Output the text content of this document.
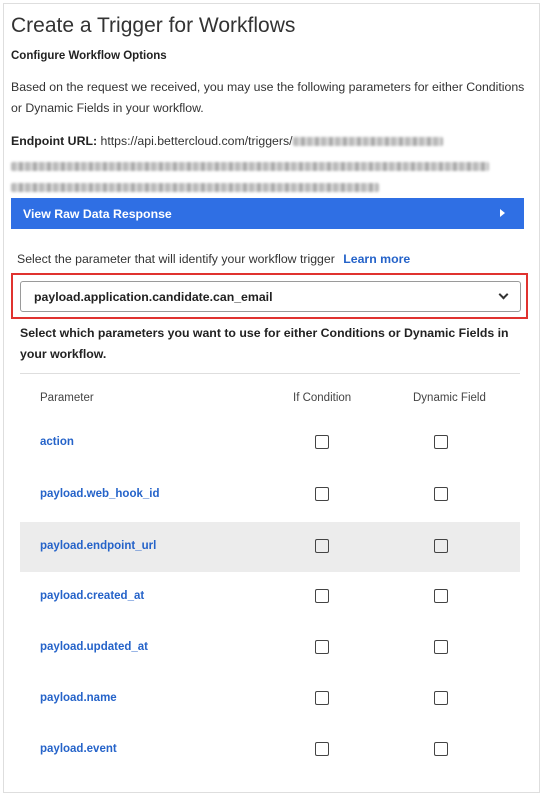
Create a Trigger for Workflows
Configure Workflow Options
Based on the request we received, you may use the following parameters for either Conditions or Dynamic Fields in your workflow.
Endpoint URL: https://api.bettercloud.com/triggers/
View Raw Data Response
Select the parameter that will identify your workflow trigger Learn more
payload.application.candidate.can_email
Select which parameters you want to use for either Conditions or Dynamic Fields in your workflow.
Parameter	If Condition	Dynamic Field
action
payload.web_hook_id
payload.endpoint_url
payload.created_at
payload.updated_at
payload.name
payload.event
